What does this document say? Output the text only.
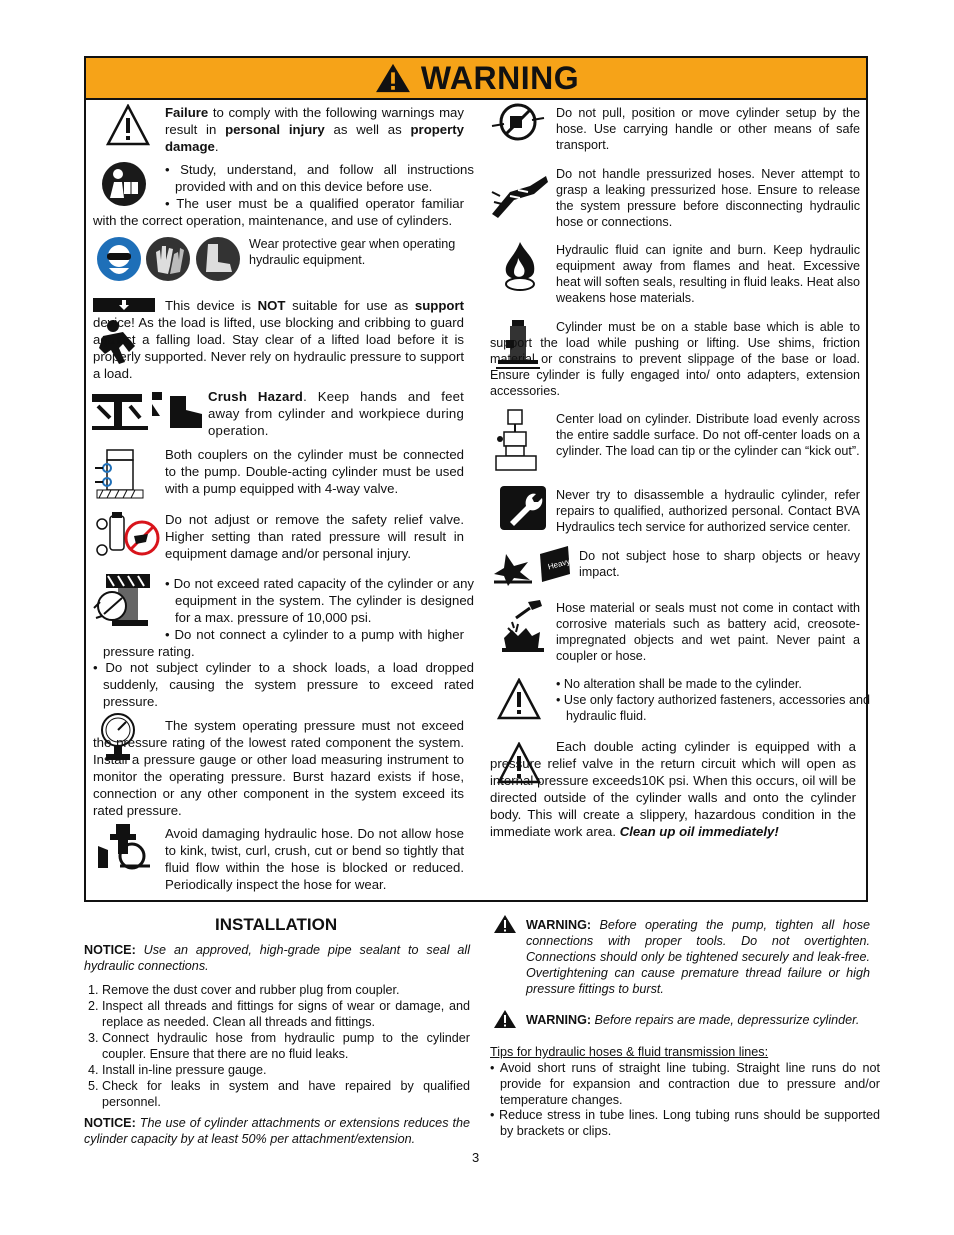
WARNING
Failure to comply with the following warnings may result in personal injury as well as property damage.
• Study, understand, and follow all instructions provided with and on this device before use.
• The user must be a qualified operator familiar with the correct operation, maintenance, and use of cylinders.
Wear protective gear when operating hydraulic equipment.
This device is NOT suitable for use as support device! As the load is lifted, use blocking and cribbing to guard against a falling load. Stay clear of a lifted load before it is properly supported. Never rely on hydraulic pressure to support a load.
Crush Hazard. Keep hands and feet away from cylinder and workpiece during operation.
Both couplers on the cylinder must be connected to the pump. Double-acting cylinder must be used with a pump equipped with 4-way valve.
Do not adjust or remove the safety relief valve. Higher setting than rated pressure will result in equipment damage and/or personal injury.
• Do not exceed rated capacity of the cylinder or any equipment in the system. The cylinder is designed for a max. pressure of 10,000 psi.
• Do not connect a cylinder to a pump with higher pressure rating.
• Do not subject cylinder to a shock loads, a load dropped suddenly, causing the system pressure to exceed rated pressure.
The system operating pressure must not exceed the pressure rating of the lowest rated component the system. Install a pressure gauge or other load measuring instrument to monitor the operating pressure. Burst hazard exists if hose, connection or any other component in the system exceed its rated pressure.
Avoid damaging hydraulic hose. Do not allow hose to kink, twist, curl, crush, cut or bend so tightly that fluid flow within the hose is blocked or reduced. Periodically inspect the hose for wear.
Heavy
Do not pull, position or move cylinder setup by the hose. Use carrying handle or other means of safe transport.
Do not handle pressurized hoses. Never attempt to grasp a leaking pressurized hose. Ensure to release the system pressure before disconnecting hydraulic hose or connections.
Hydraulic fluid can ignite and burn. Keep hydraulic equipment away from flames and heat. Excessive heat will soften seals, resulting in fluid leaks. Heat also weakens hose materials.
Cylinder must be on a stable base which is able to support the load while pushing or lifting. Use shims, friction material or constrains to prevent slippage of the base or load. Ensure cylinder is fully engaged into/ onto adapters, extension accessories.
Center load on cylinder. Distribute load evenly across the entire saddle surface. Do not off-center loads on a cylinder. The load can tip or the cylinder can “kick out”.
Never try to disassemble a hydraulic cylinder, refer repairs to qualified, authorized personal. Contact BVA Hydraulics tech service for authorized service center.
Do not subject hose to sharp objects or heavy impact.
Hose material or seals must not come in contact with corrosive materials such as battery acid, creosote-impregnated objects and wet paint. Never paint a coupler or hose.
• No alteration shall be made to the cylinder.
• Use only factory authorized fasteners, accessories and hydraulic fluid.
Each double acting cylinder is equipped with a pressure relief valve in the return circuit which will open as internal pressure exceeds10K psi. When this occurs, oil will be directed outside of the cylinder walls and onto the cylinder body. This will create a slippery, hazardous condition in the immediate work area. Clean up oil immediately!
INSTALLATION
NOTICE: Use an approved, high-grade pipe sealant to seal all hydraulic connections.
1. Remove the dust cover and rubber plug from coupler.
2. Inspect all threads and fittings for signs of wear or damage, and replace as needed. Clean all threads and fittings.
3. Connect hydraulic hose from hydraulic pump to the cylinder coupler. Ensure that there are no fluid leaks.
4. Install in-line pressure gauge.
5. Check for leaks in system and have repaired by qualified personnel.
NOTICE: The use of cylinder attachments or extensions reduces the cylinder capacity by at least 50% per attachment/extension.
WARNING: Before operating the pump, tighten all hose connections with proper tools. Do not overtighten. Connections should only be tightened securely and leak-free. Overtightening can cause premature thread failure or high pressure fittings to burst.
WARNING: Before repairs are made, depressurize cylinder.
Tips for hydraulic hoses & fluid transmission lines:
• Avoid short runs of straight line tubing. Straight line runs do not provide for expansion and contraction due to pressure and/or temperature changes.
• Reduce stress in tube lines. Long tubing runs should be supported by brackets or clips.
3
